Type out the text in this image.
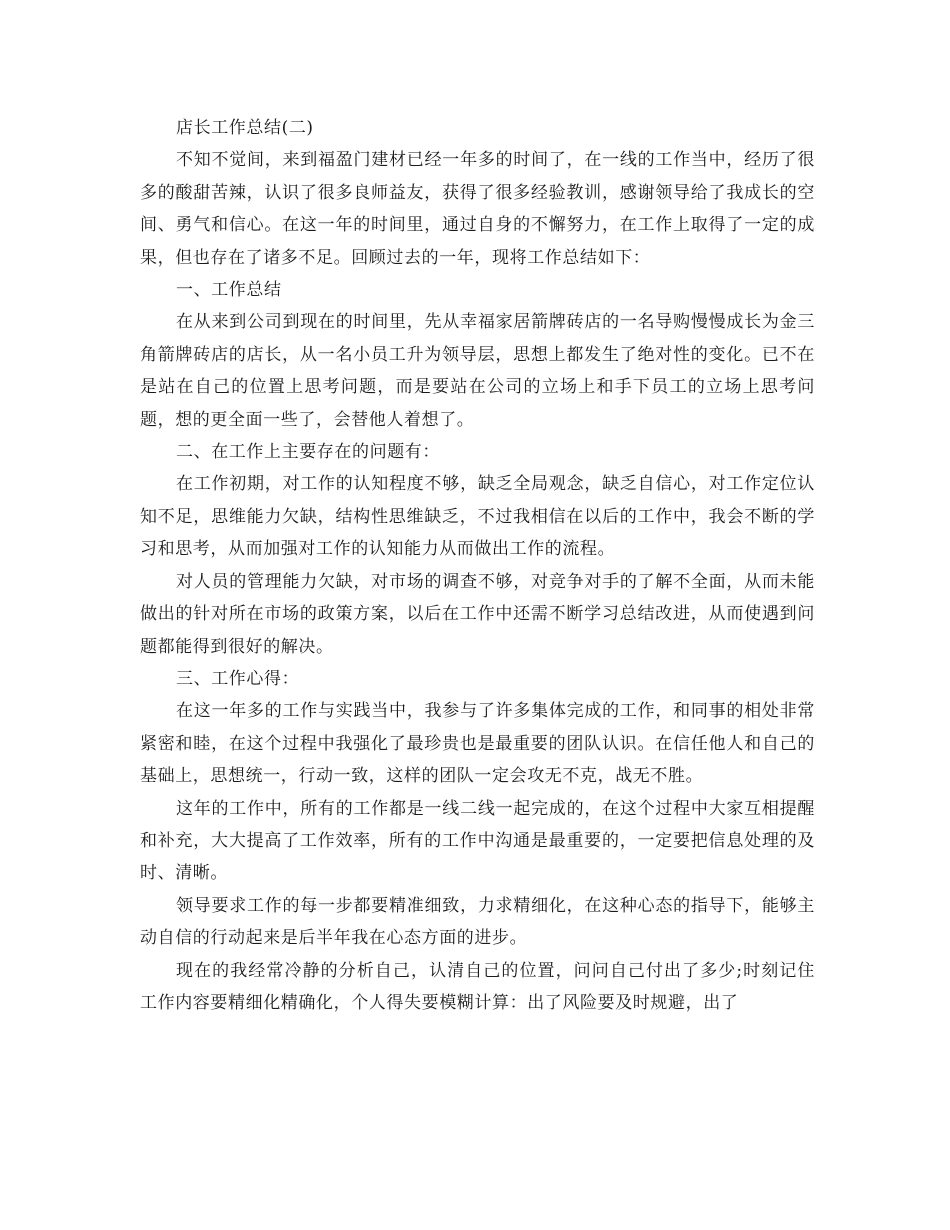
店长工作总结(二)

不知不觉间，来到福盈门建材已经一年多的时间了，在一线的工作当中，经历了很多的酸甜苦辣，认识了很多良师益友，获得了很多经验教训，感谢领导给了我成长的空间、勇气和信心。在这一年的时间里，通过自身的不懈努力，在工作上取得了一定的成果，但也存在了诸多不足。回顾过去的一年，现将工作总结如下：

一、工作总结

在从来到公司到现在的时间里，先从幸福家居箭牌砖店的一名导购慢慢成长为金三角箭牌砖店的店长，从一名小员工升为领导层，思想上都发生了绝对性的变化。已不在是站在自己的位置上思考问题，而是要站在公司的立场上和手下员工的立场上思考问题，想的更全面一些了，会替他人着想了。

二、在工作上主要存在的问题有：

在工作初期，对工作的认知程度不够，缺乏全局观念，缺乏自信心，对工作定位认知不足，思维能力欠缺，结构性思维缺乏，不过我相信在以后的工作中，我会不断的学习和思考，从而加强对工作的认知能力从而做出工作的流程。

对人员的管理能力欠缺，对市场的调查不够，对竞争对手的了解不全面，从而未能做出的针对所在市场的政策方案，以后在工作中还需不断学习总结改进，从而使遇到问题都能得到很好的解决。

三、工作心得：

在这一年多的工作与实践当中，我参与了许多集体完成的工作，和同事的相处非常紧密和睦，在这个过程中我强化了最珍贵也是最重要的团队认识。在信任他人和自己的基础上，思想统一，行动一致，这样的团队一定会攻无不克，战无不胜。

这年的工作中，所有的工作都是一线二线一起完成的，在这个过程中大家互相提醒和补充，大大提高了工作效率，所有的工作中沟通是最重要的，一定要把信息处理的及时、清晰。

领导要求工作的每一步都要精准细致，力求精细化，在这种心态的指导下，能够主动自信的行动起来是后半年我在心态方面的进步。

现在的我经常冷静的分析自己，认清自己的位置，问问自己付出了多少;时刻记住工作内容要精细化精确化，个人得失要模糊计算：出了风险要及时规避，出了
